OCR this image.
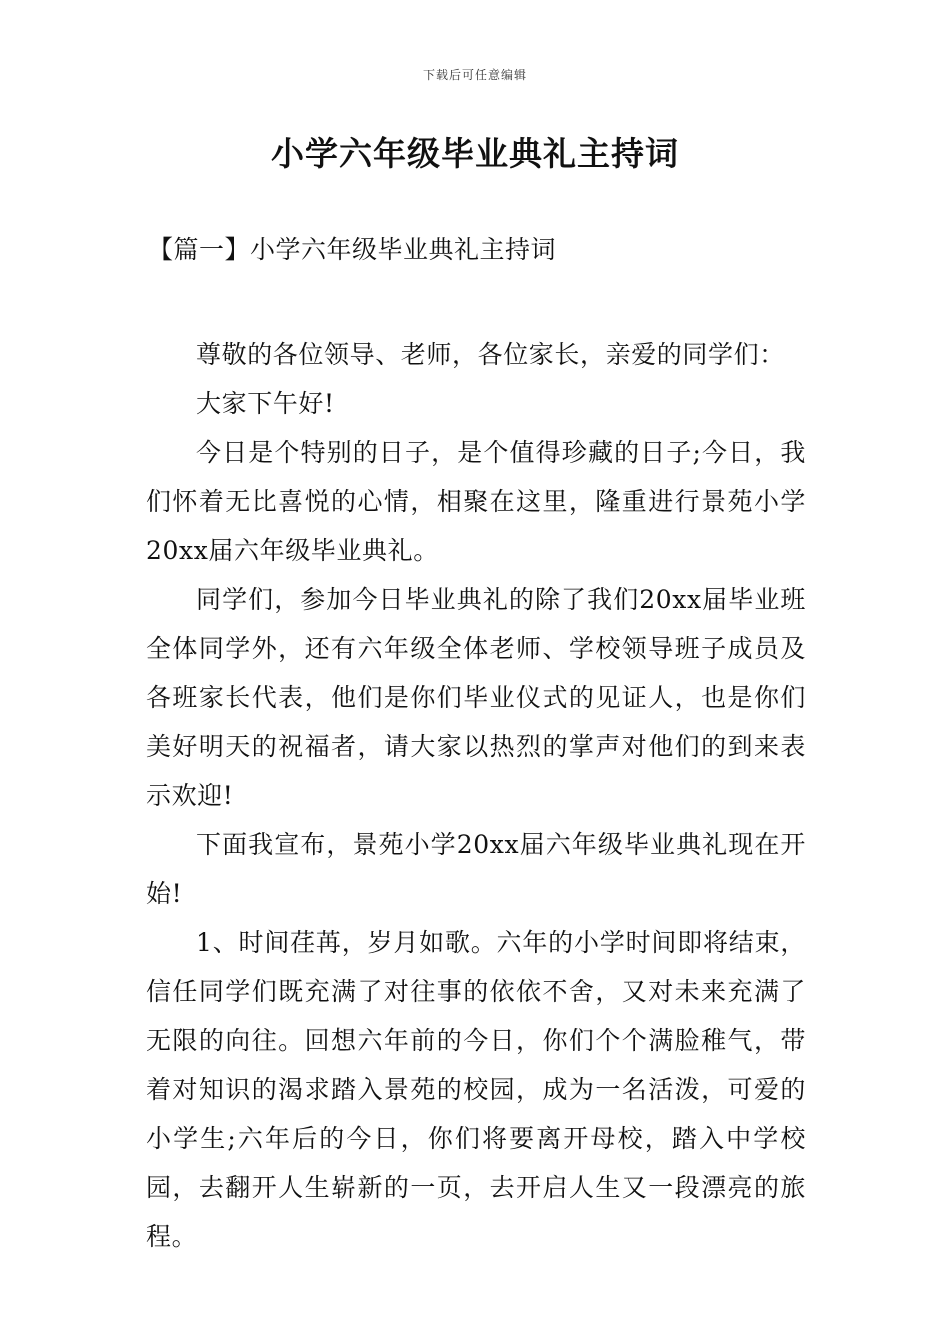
下载后可任意编辑
小学六年级毕业典礼主持词
【篇一】小学六年级毕业典礼主持词

尊敬的各位领导、老师，各位家长，亲爱的同学们：

大家下午好!

今日是个特别的日子，是个值得珍藏的日子;今日，我们怀着无比喜悦的心情，相聚在这里，隆重进行景苑小学20xx届六年级毕业典礼。

同学们，参加今日毕业典礼的除了我们20xx届毕业班全体同学外，还有六年级全体老师、学校领导班子成员及各班家长代表，他们是你们毕业仪式的见证人，也是你们美好明天的祝福者，请大家以热烈的掌声对他们的到来表示欢迎!

下面我宣布，景苑小学20xx届六年级毕业典礼现在开始!

1、时间荏苒，岁月如歌。六年的小学时间即将结束，信任同学们既充满了对往事的依依不舍，又对未来充满了无限的向往。回想六年前的今日，你们个个满脸稚气，带着对知识的渴求踏入景苑的校园，成为一名活泼，可爱的小学生;六年后的今日，你们将要离开母校，踏入中学校园，去翻开人生崭新的一页，去开启人生又一段漂亮的旅程。
